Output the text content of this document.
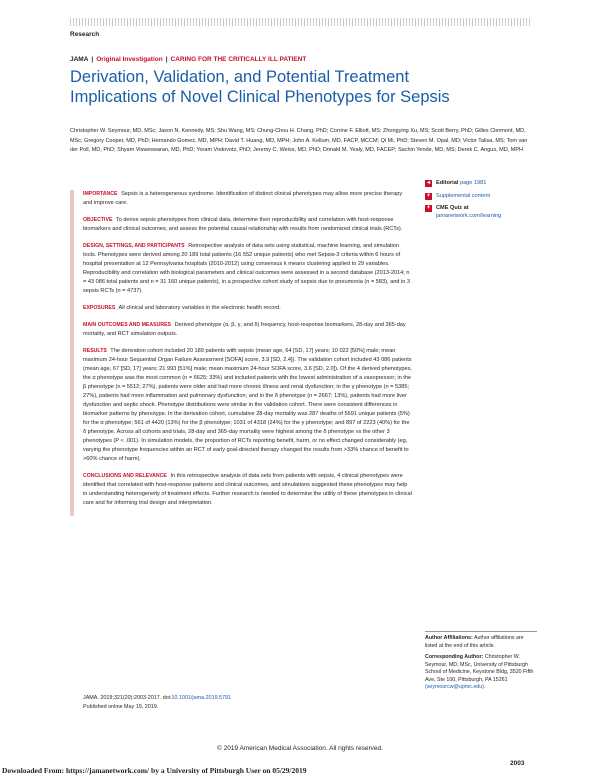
Research
JAMA | Original Investigation | CARING FOR THE CRITICALLY ILL PATIENT
Derivation, Validation, and Potential Treatment Implications of Novel Clinical Phenotypes for Sepsis

Christopher W. Seymour, MD, MSc; Jason N. Kennedy, MS; Shu Wang, MS; Chung-Chou H. Chang, PhD; Corrine F. Elliott, MS; Zhongying Xu, MS; Scott Berry, PhD; Gilles Clermont, MD, MSc; Gregory Cooper, MD, PhD; Hernando Gomez, MD, MPH; David T. Huang, MD, MPH; John A. Kellum, MD, FACP, MCCM; Qi Mi, PhD; Steven M. Opal, MD; Victor Talisa, MS; Tom van der Poll, MD, PhD; Shyam Visweswaran, MD, PhD; Yoram Vodovotz, PhD; Jeremy C. Weiss, MD, PhD; Donald M. Yealy, MD, FACEP; Sachin Yende, MD, MS; Derek C. Angus, MD, MPH

◂	Editorial page 1981
+	Supplemental content
+	CME Quiz at
jamanetwork.com/learning

IMPORTANCE Sepsis is a heterogeneous syndrome. Identification of distinct clinical phenotypes may allow more precise therapy and improve care.

OBJECTIVE To derive sepsis phenotypes from clinical data, determine their reproducibility and correlation with host-response biomarkers and clinical outcomes, and assess the potential causal relationship with results from randomized clinical trials (RCTs).

DESIGN, SETTINGS, AND PARTICIPANTS Retrospective analysis of data sets using statistical, machine learning, and simulation tools. Phenotypes were derived among 20 189 total patients (16 552 unique patients) who met Sepsis-3 criteria within 6 hours of hospital presentation at 12 Pennsylvania hospitals (2010-2012) using consensus k means clustering applied to 29 variables. Reproducibility and correlation with biological parameters and clinical outcomes were assessed in a second database (2013-2014; n = 43 086 total patients and n = 31 160 unique patients), in a prospective cohort study of sepsis due to pneumonia (n = 583), and in 3 sepsis RCTs (n = 4737).

EXPOSURES All clinical and laboratory variables in the electronic health record.

MAIN OUTCOMES AND MEASURES Derived phenotype (α, β, γ, and δ) frequency, host-response biomarkers, 28-day and 365-day mortality, and RCT simulation outputs.

RESULTS The derivation cohort included 20 189 patients with sepsis (mean age, 64 [SD, 17] years; 10 022 [50%] male; mean maximum 24-hour Sequential Organ Failure Assessment [SOFA] score, 3.9 [SD, 2.4]). The validation cohort included 43 086 patients (mean age, 67 [SD, 17] years; 21 993 [51%] male; mean maximum 24-hour SOFA score, 3.6 [SD, 2.0]). Of the 4 derived phenotypes, the α phenotype was the most common (n = 6625; 33%) and included patients with the lowest administration of a vasopressor; in the β phenotype (n = 5512; 27%), patients were older and had more chronic illness and renal dysfunction; in the γ phenotype (n = 5385; 27%), patients had more inflammation and pulmonary dysfunction; and in the δ phenotype (n = 2667; 13%), patients had more liver dysfunction and septic shock. Phenotype distributions were similar in the validation cohort. There were consistent differences in biomarker patterns by phenotype. In the derivation cohort, cumulative 28-day mortality was 287 deaths of 5691 unique patients (5%) for the α phenotype; 561 of 4420 (13%) for the β phenotype; 1031 of 4318 (24%) for the γ phenotype; and 897 of 2223 (40%) for the δ phenotype. Across all cohorts and trials, 28-day and 365-day mortality were highest among the δ phenotype vs the other 3 phenotypes (P < .001). In simulation models, the proportion of RCTs reporting benefit, harm, or no effect changed considerably (eg, varying the phenotype frequencies within an RCT of early goal-directed therapy changed the results from >33% chance of benefit to >60% chance of harm).

CONCLUSIONS AND RELEVANCE In this retrospective analysis of data sets from patients with sepsis, 4 clinical phenotypes were identified that correlated with host-response patterns and clinical outcomes, and simulations suggested these phenotypes may help in understanding heterogeneity of treatment effects. Further research is needed to determine the utility of these phenotypes in clinical care and for informing trial design and interpretation.

JAMA. 2019;321(20):2003-2017. doi:10.1001/jama.2019.5791
Published online May 19, 2019.

Author Affiliations: Author affiliations are listed at the end of this article.

Corresponding Author: Christopher W. Seymour, MD, MSc, University of Pittsburgh School of Medicine, Keystone Bldg, 3520 Fifth Ave, Ste 100, Pittsburgh, PA 15261 (seymourcw@upmc.edu).

© 2019 American Medical Association. All rights reserved.
2003
Downloaded From: https://jamanetwork.com/ by a University of Pittsburgh User on 05/29/2019
